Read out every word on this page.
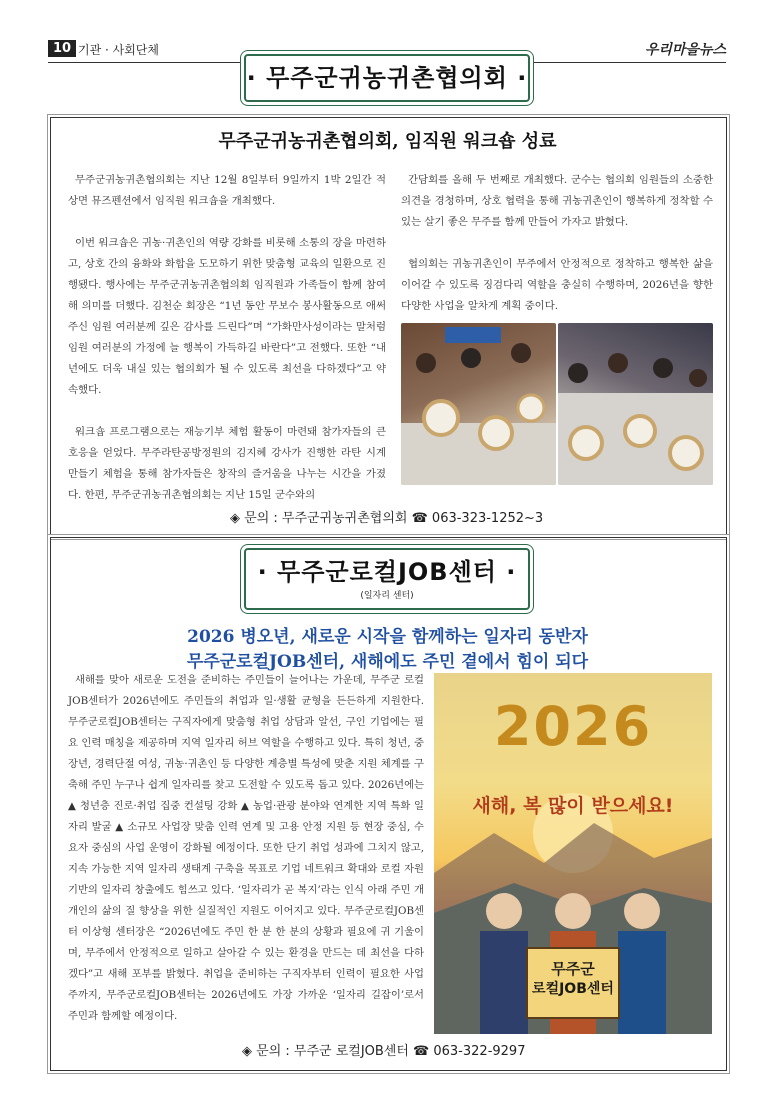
10 기관 · 사회단체	우리마을뉴스
· 무주군귀농귀촌협의회 ·
무주군귀농귀촌협의회, 임직원 워크숍 성료

무주군귀농귀촌협의회는 지난 12월 8일부터 9일까지 1박 2일간 적상면 뮤즈펜션에서 임직원 워크숍을 개최했다.

이번 워크숍은 귀농·귀촌인의 역량 강화를 비롯해 소통의 장을 마련하고, 상호 간의 융화와 화합을 도모하기 위한 맞춤형 교육의 일환으로 진행됐다. 행사에는 무주군귀농귀촌협의회 임직원과 가족들이 함께 참여해 의미를 더했다. 김천순 회장은 “1년 동안 무보수 봉사활동으로 애써주신 임원 여러분께 깊은 감사를 드린다”며 “가화만사성이라는 말처럼 임원 여러분의 가정에 늘 행복이 가득하길 바란다”고 전했다. 또한 “내년에도 더욱 내실 있는 협의회가 될 수 있도록 최선을 다하겠다”고 약속했다.

워크숍 프로그램으로는 재능기부 체험 활동이 마련돼 참가자들의 큰 호응을 얻었다. 무주라탄공방정원의 김지혜 강사가 진행한 라탄 시계 만들기 체험을 통해 참가자들은 창작의 즐거움을 나누는 시간을 가졌다. 한편, 무주군귀농귀촌협의회는 지난 15일 군수와의

간담회를 올해 두 번째로 개최했다. 군수는 협의회 임원들의 소중한 의견을 경청하며, 상호 협력을 통해 귀농귀촌인이 행복하게 정착할 수 있는 살기 좋은 무주를 함께 만들어 가자고 밝혔다.

협의회는 귀농귀촌인이 무주에서 안정적으로 정착하고 행복한 삶을 이어갈 수 있도록 징검다리 역할을 충실히 수행하며, 2026년을 향한 다양한 사업을 알차게 계획 중이다.

◈ 문의 : 무주군귀농귀촌협의회 ☎ 063-323-1252~3
· 무주군로컬JOB센터 ·
(일자리 센터)
2026 병오년, 새로운 시작을 함께하는 일자리 동반자
무주군로컬JOB센터, 새해에도 주민 곁에서 힘이 되다

새해를 맞아 새로운 도전을 준비하는 주민들이 늘어나는 가운데, 무주군 로컬JOB센터가 2026년에도 주민들의 취업과 일·생활 균형을 든든하게 지원한다. 무주군로컬JOB센터는 구직자에게 맞춤형 취업 상담과 알선, 구인 기업에는 필요 인력 매칭을 제공하며 지역 일자리 허브 역할을 수행하고 있다. 특히 청년, 중장년, 경력단절 여성, 귀농·귀촌인 등 다양한 계층별 특성에 맞춘 지원 체계를 구축해 주민 누구나 쉽게 일자리를 찾고 도전할 수 있도록 돕고 있다. 2026년에는 ▲ 청년층 진로·취업 집중 컨설팅 강화 ▲ 농업·관광 분야와 연계한 지역 특화 일자리 발굴 ▲ 소규모 사업장 맞춤 인력 연계 및 고용 안정 지원 등 현장 중심, 수요자 중심의 사업 운영이 강화될 예정이다. 또한 단기 취업 성과에 그치지 않고, 지속 가능한 지역 일자리 생태계 구축을 목표로 기업 네트워크 확대와 로컬 자원 기반의 일자리 창출에도 힘쓰고 있다. ‘일자리가 곧 복지’라는 인식 아래 주민 개개인의 삶의 질 향상을 위한 실질적인 지원도 이어지고 있다. 무주군로컬JOB센터 이상형 센터장은 “2026년에도 주민 한 분 한 분의 상황과 필요에 귀 기울이며, 무주에서 안정적으로 일하고 살아갈 수 있는 환경을 만드는 데 최선을 다하겠다”고 새해 포부를 밝혔다. 취업을 준비하는 구직자부터 인력이 필요한 사업주까지, 무주군로컬JOB센터는 2026년에도 가장 가까운 ‘일자리 길잡이’로서 주민과 함께할 예정이다.

2026
새해, 복 많이 받으세요!
무주군
로컬JOB센터
◈ 문의 : 무주군 로컬JOB센터 ☎ 063-322-9297
